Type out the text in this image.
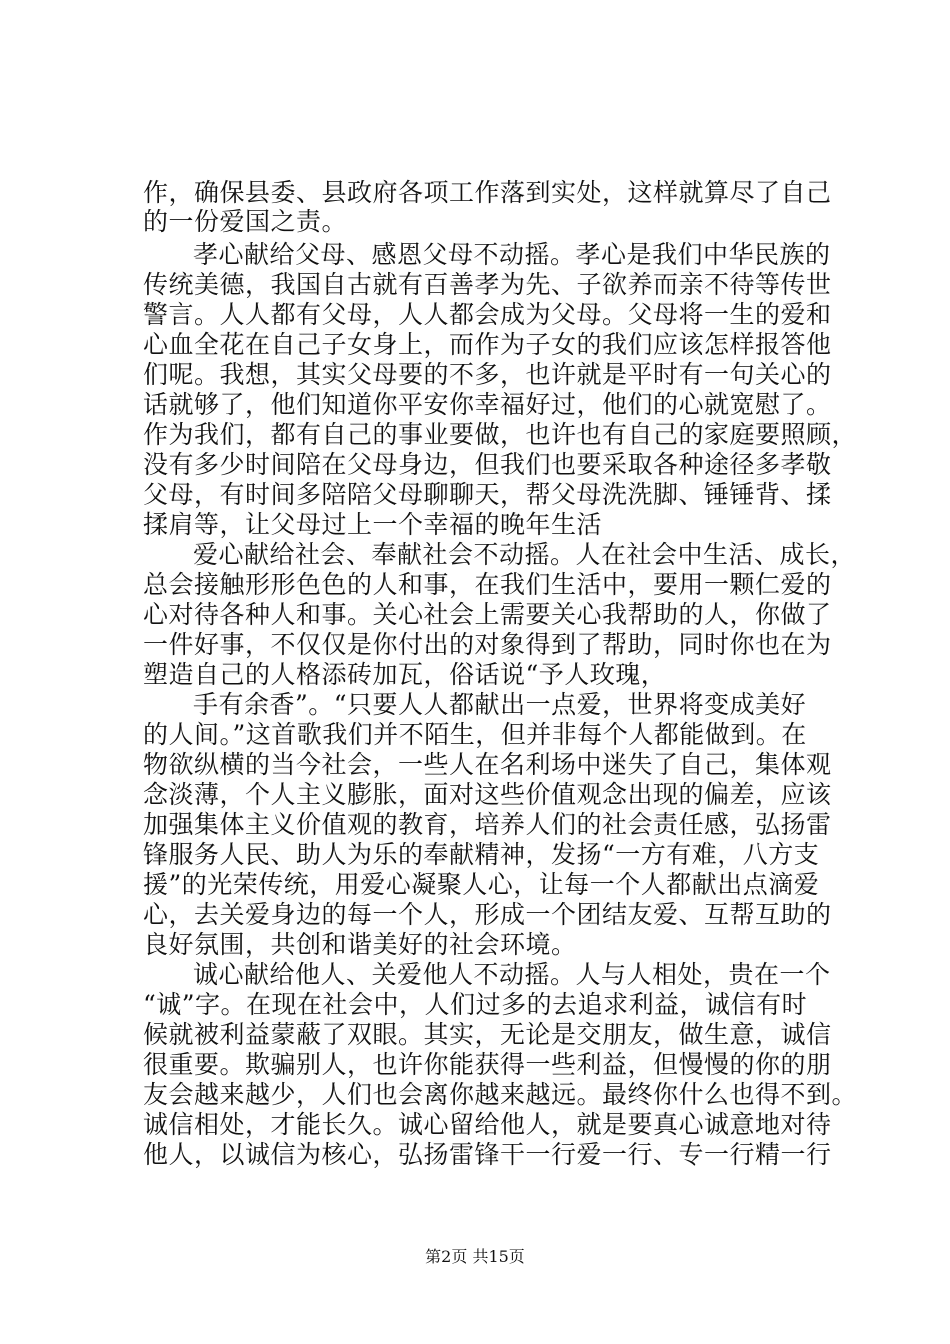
作，确保县委、县政府各项工作落到实处，这样就算尽了自己
的一份爱国之责。
孝心献给父母、感恩父母不动摇。孝心是我们中华民族的
传统美德，我国自古就有百善孝为先、子欲养而亲不待等传世
警言。人人都有父母，人人都会成为父母。父母将一生的爱和
心血全花在自己子女身上，而作为子女的我们应该怎样报答他
们呢。我想，其实父母要的不多，也许就是平时有一句关心的
话就够了，他们知道你平安你幸福好过，他们的心就宽慰了。
作为我们，都有自己的事业要做，也许也有自己的家庭要照顾，
没有多少时间陪在父母身边，但我们也要采取各种途径多孝敬
父母，有时间多陪陪父母聊聊天，帮父母洗洗脚、锤锤背、揉
揉肩等，让父母过上一个幸福的晚年生活
爱心献给社会、奉献社会不动摇。人在社会中生活、成长，
总会接触形形色色的人和事，在我们生活中，要用一颗仁爱的
心对待各种人和事。关心社会上需要关心我帮助的人，你做了
一件好事，不仅仅是你付出的对象得到了帮助，同时你也在为
塑造自己的人格添砖加瓦，俗话说“予人玫瑰，
手有余香”。“只要人人都献出一点爱，世界将变成美好
的人间。”这首歌我们并不陌生，但并非每个人都能做到。在
物欲纵横的当今社会，一些人在名利场中迷失了自己，集体观
念淡薄，个人主义膨胀，面对这些价值观念出现的偏差，应该
加强集体主义价值观的教育，培养人们的社会责任感，弘扬雷
锋服务人民、助人为乐的奉献精神，发扬“一方有难，八方支
援”的光荣传统，用爱心凝聚人心，让每一个人都献出点滴爱
心，去关爱身边的每一个人，形成一个团结友爱、互帮互助的
良好氛围，共创和谐美好的社会环境。
诚心献给他人、关爱他人不动摇。人与人相处，贵在一个
“诚”字。在现在社会中，人们过多的去追求利益，诚信有时
候就被利益蒙蔽了双眼。其实，无论是交朋友，做生意，诚信
很重要。欺骗别人，也许你能获得一些利益，但慢慢的你的朋
友会越来越少，人们也会离你越来越远。最终你什么也得不到。
诚信相处，才能长久。诚心留给他人，就是要真心诚意地对待
他人，以诚信为核心，弘扬雷锋干一行爱一行、专一行精一行
第2页 共15页
